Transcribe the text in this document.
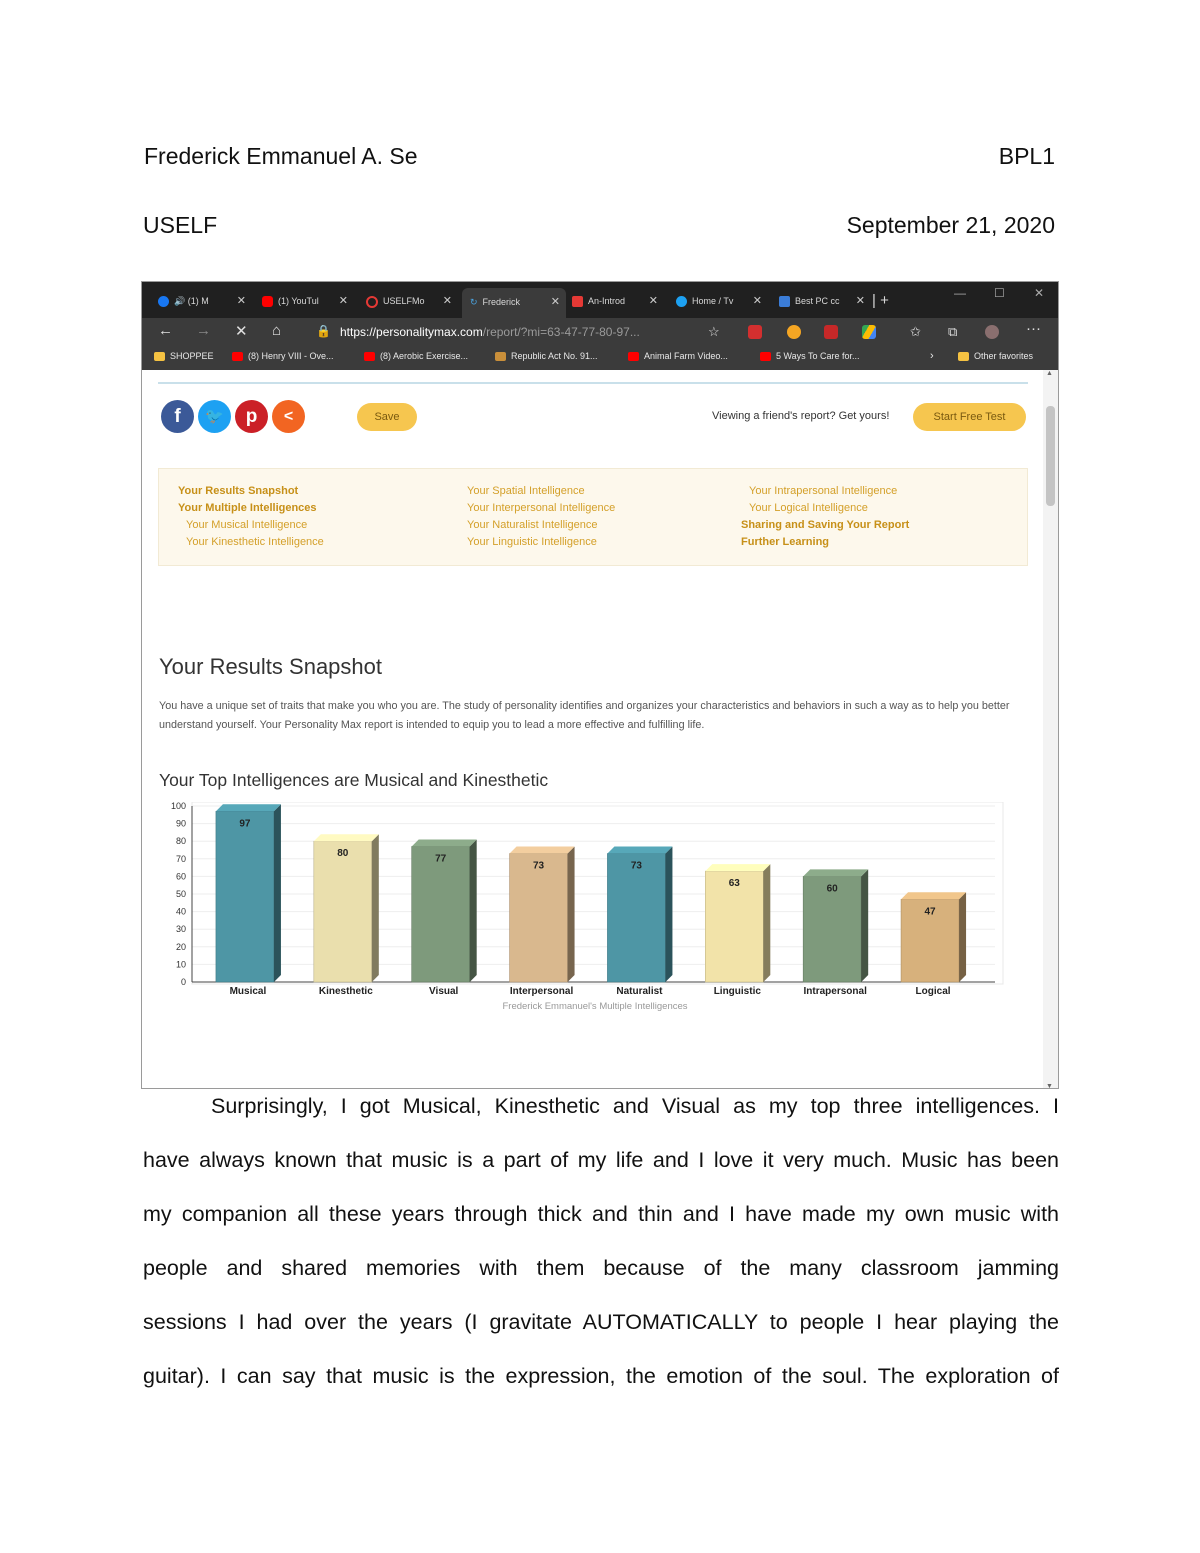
Frederick Emmanuel A. Se	BPL1
USELF	September 21, 2020
🔊 (1) M	✕	(1) YouTul ✕	USELFMo ✕	↻ Frederick	✕	An-Introd ✕	Home / Tv ✕	Best PC cc ✕ | +	— ☐ ✕
← → ✕ ⌂	🔒 https://personalitymax.com/report/?mi=63-47-77-80-97...	☆	✩ ⧉	···
SHOPPEE	(8) Henry VIII - Ove...	(8) Aerobic Exercise...	Republic Act No. 91...	Animal Farm Video...	5 Ways To Care for...	›	Other favorites
f	🐦	p	<	Save	Viewing a friend's report? Get yours!	Start Free Test
Your Results Snapshot
Your Multiple Intelligences
Your Musical Intelligence
Your Kinesthetic Intelligence
Your Spatial Intelligence
Your Interpersonal Intelligence
Your Naturalist Intelligence
Your Linguistic Intelligence
Your Intrapersonal Intelligence
Your Logical Intelligence
Sharing and Saving Your Report
Further Learning
Your Results Snapshot
You have a unique set of traits that make you who you are. The study of personality identifies and organizes your characteristics and behaviors in such a way as to help you better understand yourself. Your Personality Max report is intended to equip you to lead a more effective and fulfilling life.
Your Top Intelligences are Musical and Kinesthetic
0
10
20
30
40
50
60
70
80
90
100
97
Musical
80
Kinesthetic
77
Visual
73
Interpersonal
73
Naturalist
63
Linguistic
60
Intrapersonal
47
Logical
Frederick Emmanuel's Multiple Intelligences
▲
▼
Surprisingly, I got Musical, Kinesthetic and Visual as my top three intelligences. I
have always known that music is a part of my life and I love it very much. Music has been
my companion all these years through thick and thin and I have made my own music with
people and shared memories with them because of the many classroom jamming
sessions I had over the years (I gravitate AUTOMATICALLY to people I hear playing the
guitar). I can say that music is the expression, the emotion of the soul. The exploration of
